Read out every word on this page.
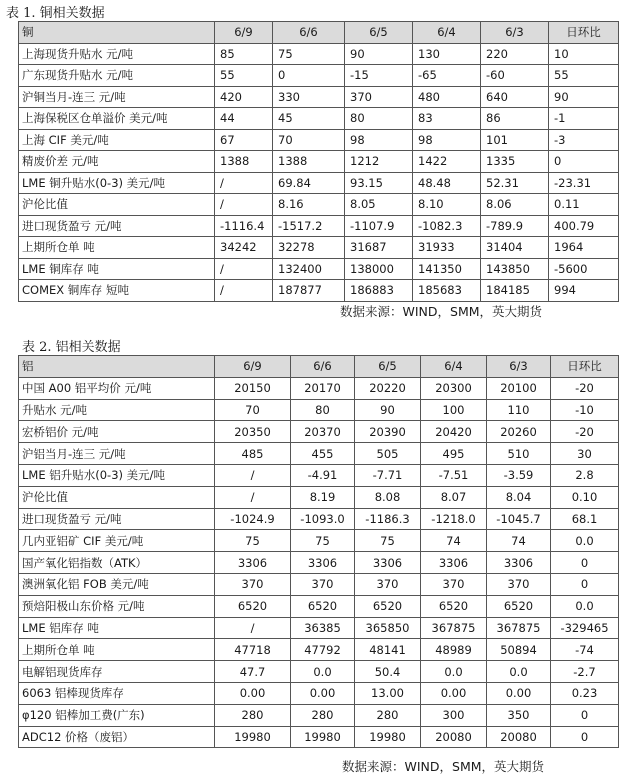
表 1. 铜相关数据
铜	6/9	6/6	6/5	6/4	6/3	日环比
上海现货升贴水 元/吨	85	75	90	130	220	10
广东现货升贴水 元/吨	55	0	-15	-65	-60	55
沪铜当月-连三 元/吨	420	330	370	480	640	90
上海保税区仓单溢价 美元/吨	44	45	80	83	86	-1
上海 CIF 美元/吨	67	70	98	98	101	-3
精废价差 元/吨	1388	1388	1212	1422	1335	0
LME 铜升贴水(0-3) 美元/吨	/	69.84	93.15	48.48	52.31	-23.31
沪伦比值	/	8.16	8.05	8.10	8.06	0.11
进口现货盈亏 元/吨	-1116.4	-1517.2	-1107.9	-1082.3	-789.9	400.79
上期所仓单 吨	34242	32278	31687	31933	31404	1964
LME 铜库存 吨	/	132400	138000	141350	143850	-5600
COMEX 铜库存 短吨	/	187877	186883	185683	184185	994
数据来源：WIND，SMM，英大期货
表 2. 铝相关数据
铝	6/9	6/6	6/5	6/4	6/3	日环比
中国 A00 铝平均价 元/吨	20150	20170	20220	20300	20100	-20
升贴水 元/吨	70	80	90	100	110	-10
宏桥铝价 元/吨	20350	20370	20390	20420	20260	-20
沪铝当月-连三 元/吨	485	455	505	495	510	30
LME 铝升贴水(0-3) 美元/吨	/	-4.91	-7.71	-7.51	-3.59	2.8
沪伦比值	/	8.19	8.08	8.07	8.04	0.10
进口现货盈亏 元/吨	-1024.9	-1093.0	-1186.3	-1218.0	-1045.7	68.1
几内亚铝矿 CIF 美元/吨	75	75	75	74	74	0.0
国产氧化铝指数（ATK）	3306	3306	3306	3306	3306	0
澳洲氧化铝 FOB 美元/吨	370	370	370	370	370	0
预焙阳极山东价格 元/吨	6520	6520	6520	6520	6520	0.0
LME 铝库存 吨	/	36385	365850	367875	367875	-329465
上期所仓单 吨	47718	47792	48141	48989	50894	-74
电解铝现货库存	47.7	0.0	50.4	0.0	0.0	-2.7
6063 铝棒现货库存	0.00	0.00	13.00	0.00	0.00	0.23
φ120 铝棒加工费(广东)	280	280	280	300	350	0
ADC12 价格（废铝）	19980	19980	19980	20080	20080	0
数据来源：WIND，SMM，英大期货
